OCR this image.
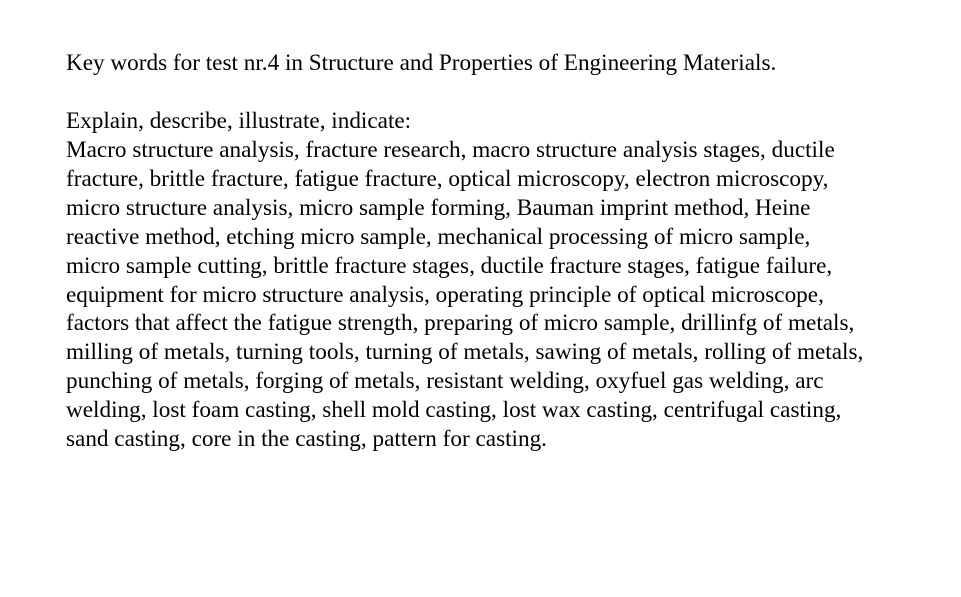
Key words for test nr.4 in Structure and Properties of Engineering Materials.

Explain, describe, illustrate, indicate:

Macro structure analysis, fracture research, macro structure analysis stages, ductile
fracture, brittle fracture, fatigue fracture, optical microscopy, electron microscopy,
micro structure analysis, micro sample forming, Bauman imprint method, Heine
reactive method, etching micro sample, mechanical processing of micro sample,
micro sample cutting, brittle fracture stages, ductile fracture stages, fatigue failure,
equipment for micro structure analysis, operating principle of optical microscope,
factors that affect the fatigue strength, preparing of micro sample, drillinfg of metals,
milling of metals, turning tools, turning of metals, sawing of metals, rolling of metals,
punching of metals, forging of metals, resistant welding, oxyfuel gas welding, arc
welding, lost foam casting, shell mold casting, lost wax casting, centrifugal casting,
sand casting, core in the casting, pattern for casting.
